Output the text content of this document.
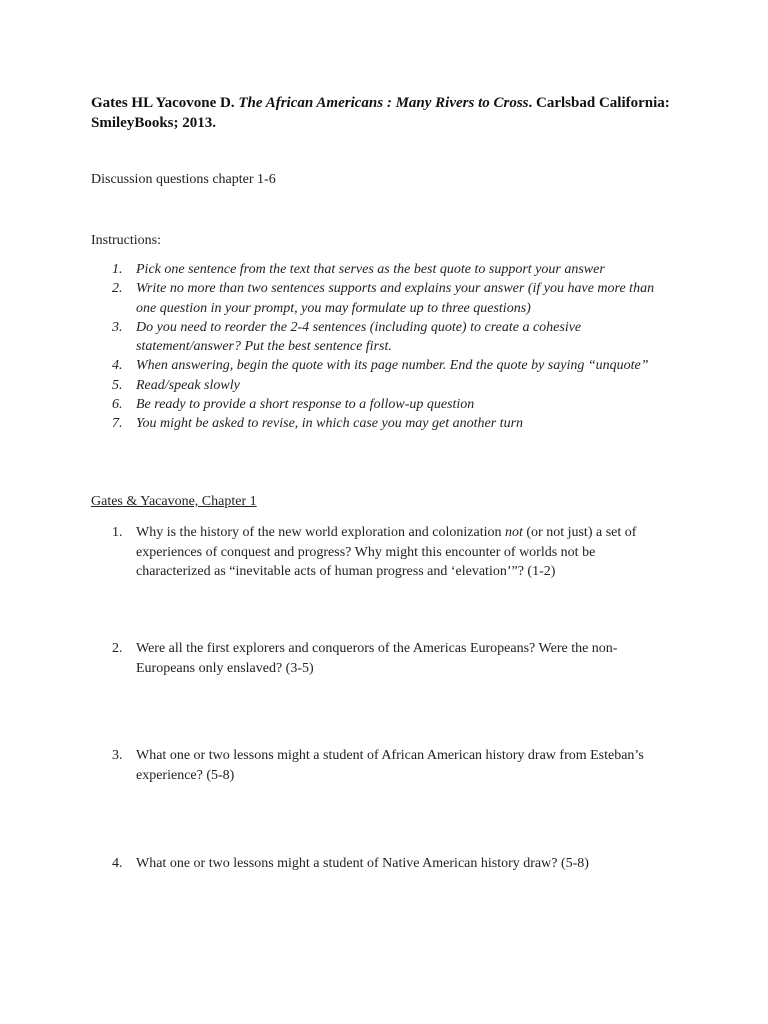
Gates HL Yacovone D. The African Americans : Many Rivers to Cross. Carlsbad California: SmileyBooks; 2013.
Discussion questions chapter 1-6
Instructions:
1. Pick one sentence from the text that serves as the best quote to support your answer
2. Write no more than two sentences supports and explains your answer (if you have more than one question in your prompt, you may formulate up to three questions)
3. Do you need to reorder the 2-4 sentences (including quote) to create a cohesive statement/answer? Put the best sentence first.
4. When answering, begin the quote with its page number. End the quote by saying “unquote”
5. Read/speak slowly
6. Be ready to provide a short response to a follow-up question
7. You might be asked to revise, in which case you may get another turn
Gates & Yacavone, Chapter 1
1. Why is the history of the new world exploration and colonization not (or not just) a set of experiences of conquest and progress? Why might this encounter of worlds not be characterized as “inevitable acts of human progress and ‘elevation’”? (1-2)
2. Were all the first explorers and conquerors of the Americas Europeans? Were the non-Europeans only enslaved? (3-5)
3. What one or two lessons might a student of African American history draw from Esteban’s experience? (5-8)
4. What one or two lessons might a student of Native American history draw? (5-8)
